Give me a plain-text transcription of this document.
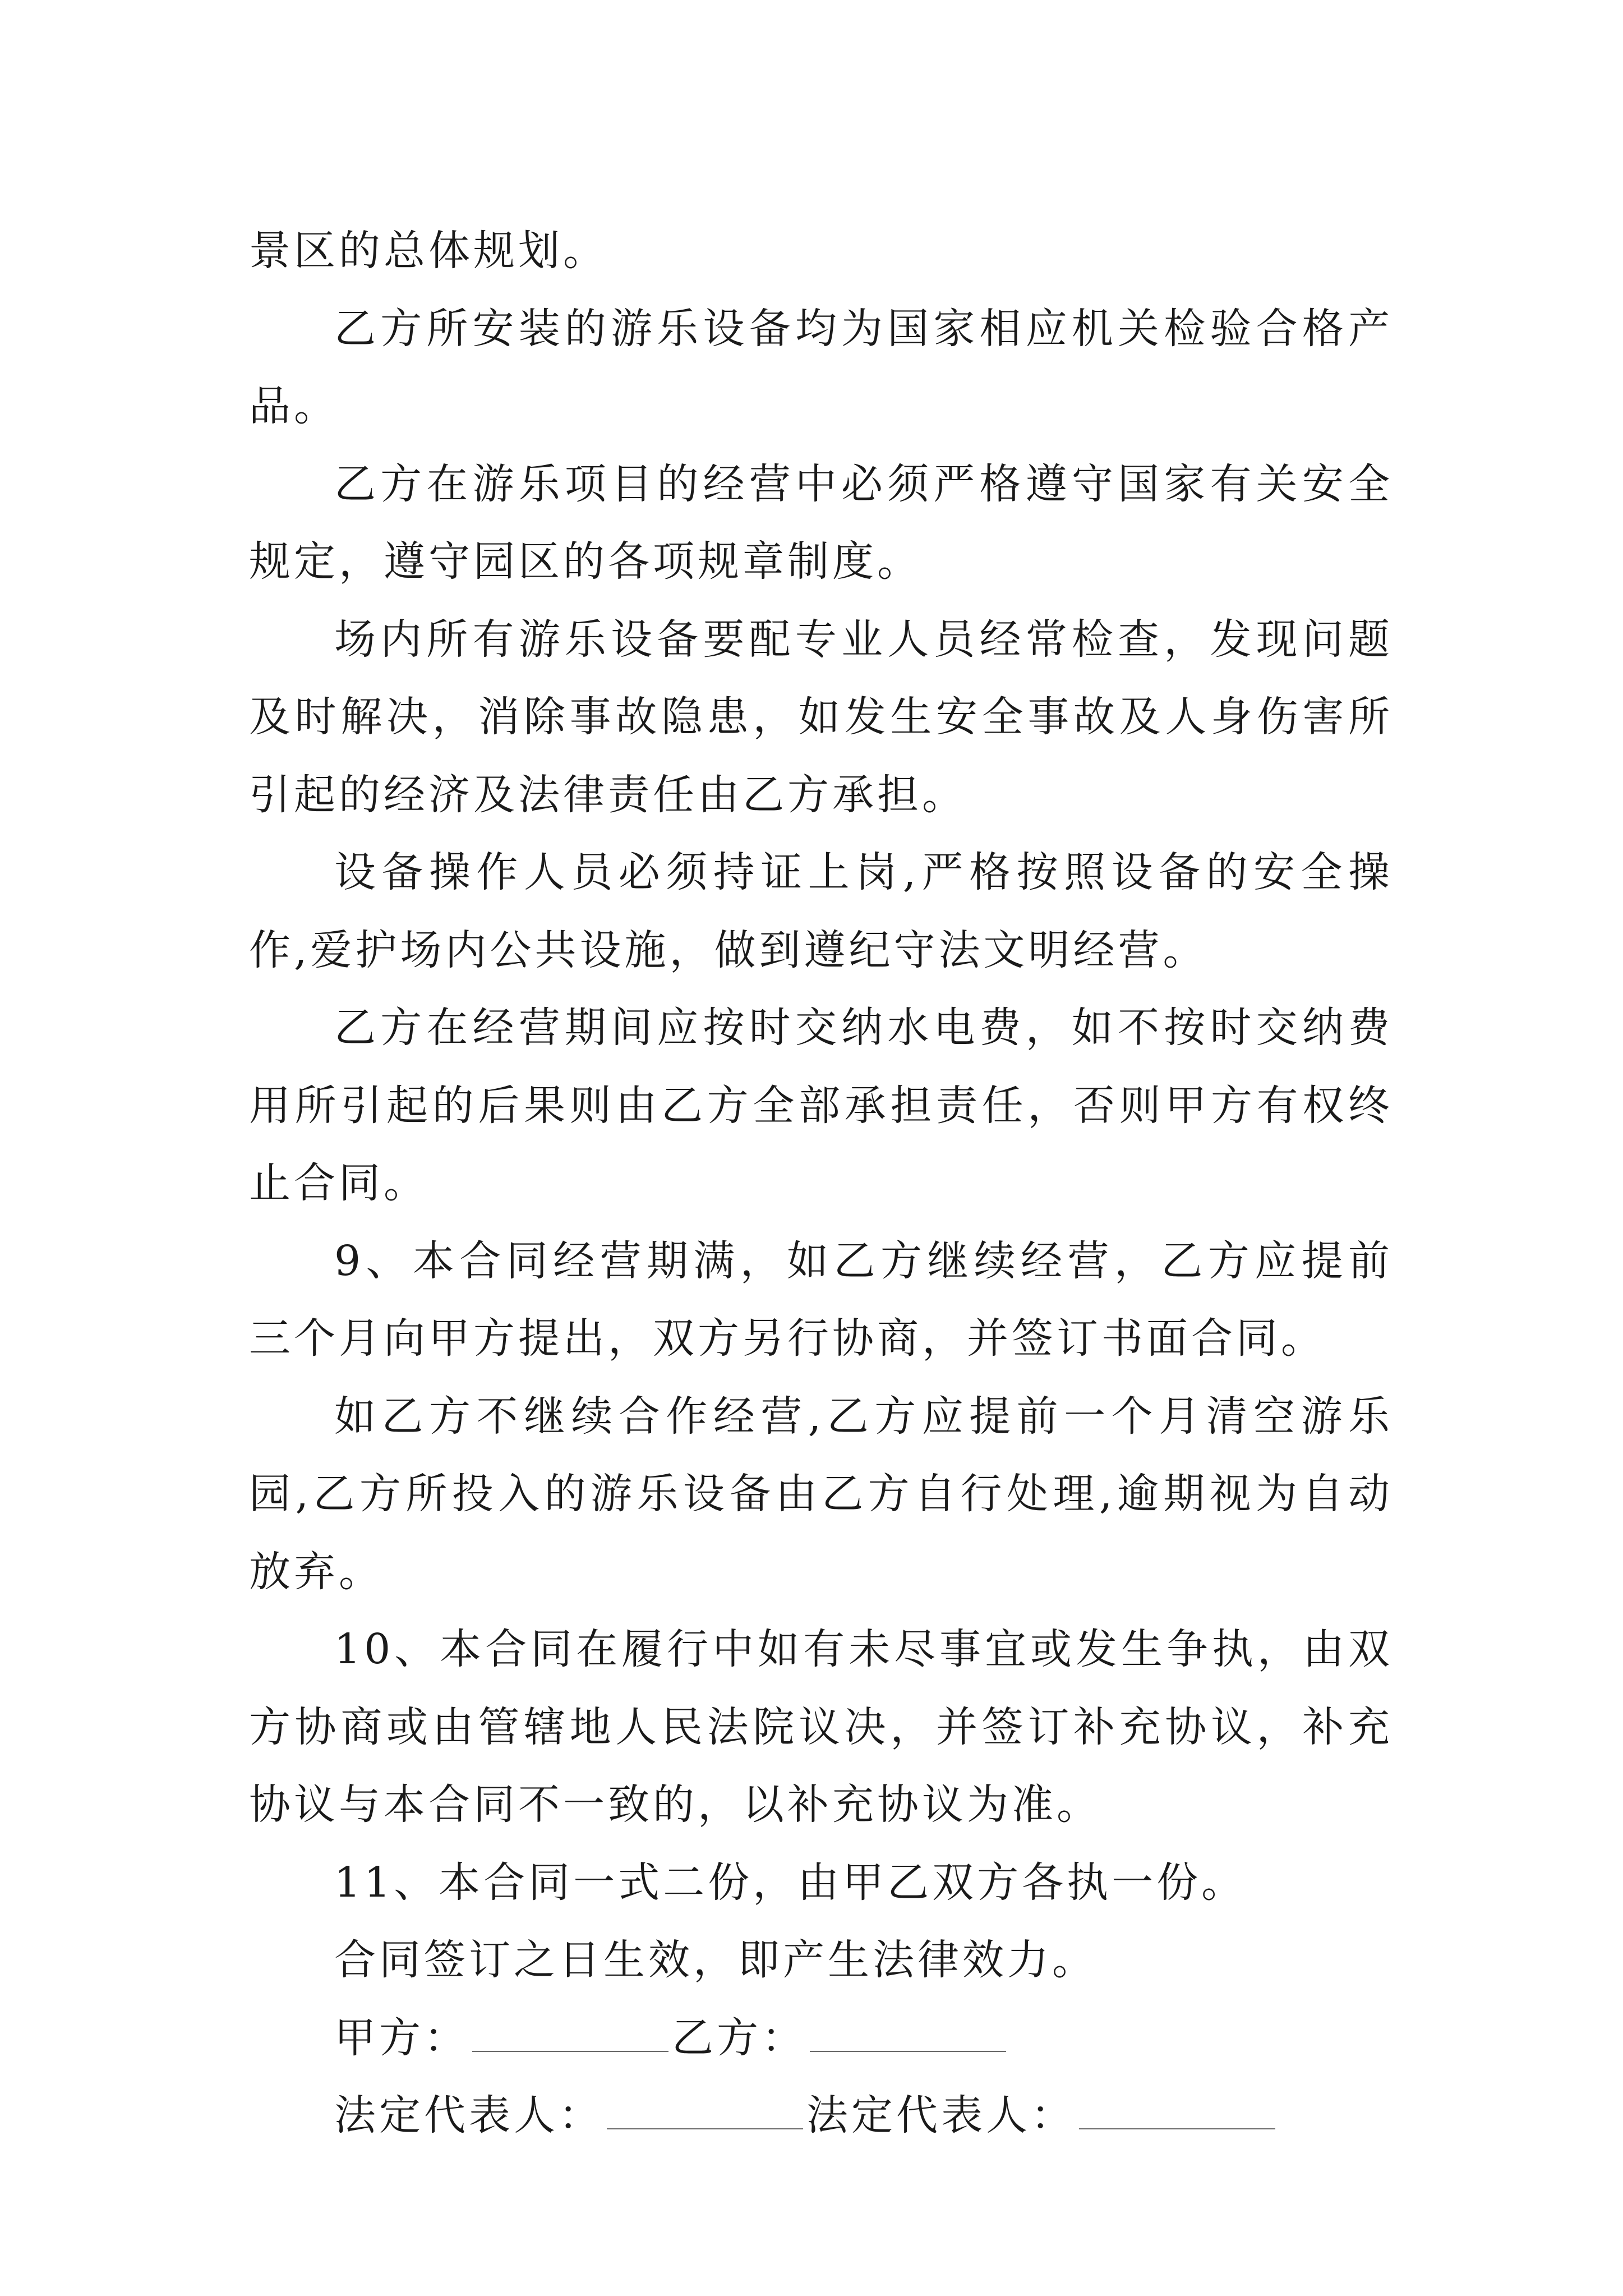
景区的总体规划。

乙方所安装的游乐设备均为国家相应机关检验合格产品。

乙方在游乐项目的经营中必须严格遵守国家有关安全规定，遵守园区的各项规章制度。

场内所有游乐设备要配专业人员经常检查，发现问题及时解决，消除事故隐患，如发生安全事故及人身伤害所引起的经济及法律责任由乙方承担。

设备操作人员必须持证上岗,严格按照设备的安全操作,爱护场内公共设施，做到遵纪守法文明经营。

乙方在经营期间应按时交纳水电费，如不按时交纳费用所引起的后果则由乙方全部承担责任，否则甲方有权终止合同。

9、本合同经营期满，如乙方继续经营，乙方应提前三个月向甲方提出，双方另行协商，并签订书面合同。

如乙方不继续合作经营,乙方应提前一个月清空游乐园,乙方所投入的游乐设备由乙方自行处理,逾期视为自动放弃。

10、本合同在履行中如有未尽事宜或发生争执，由双方协商或由管辖地人民法院议决，并签订补充协议，补充协议与本合同不一致的，以补充协议为准。

11、本合同一式二份，由甲乙双方各执一份。

合同签订之日生效，即产生法律效力。

甲方：	乙方：

法定代表人：	法定代表人：
